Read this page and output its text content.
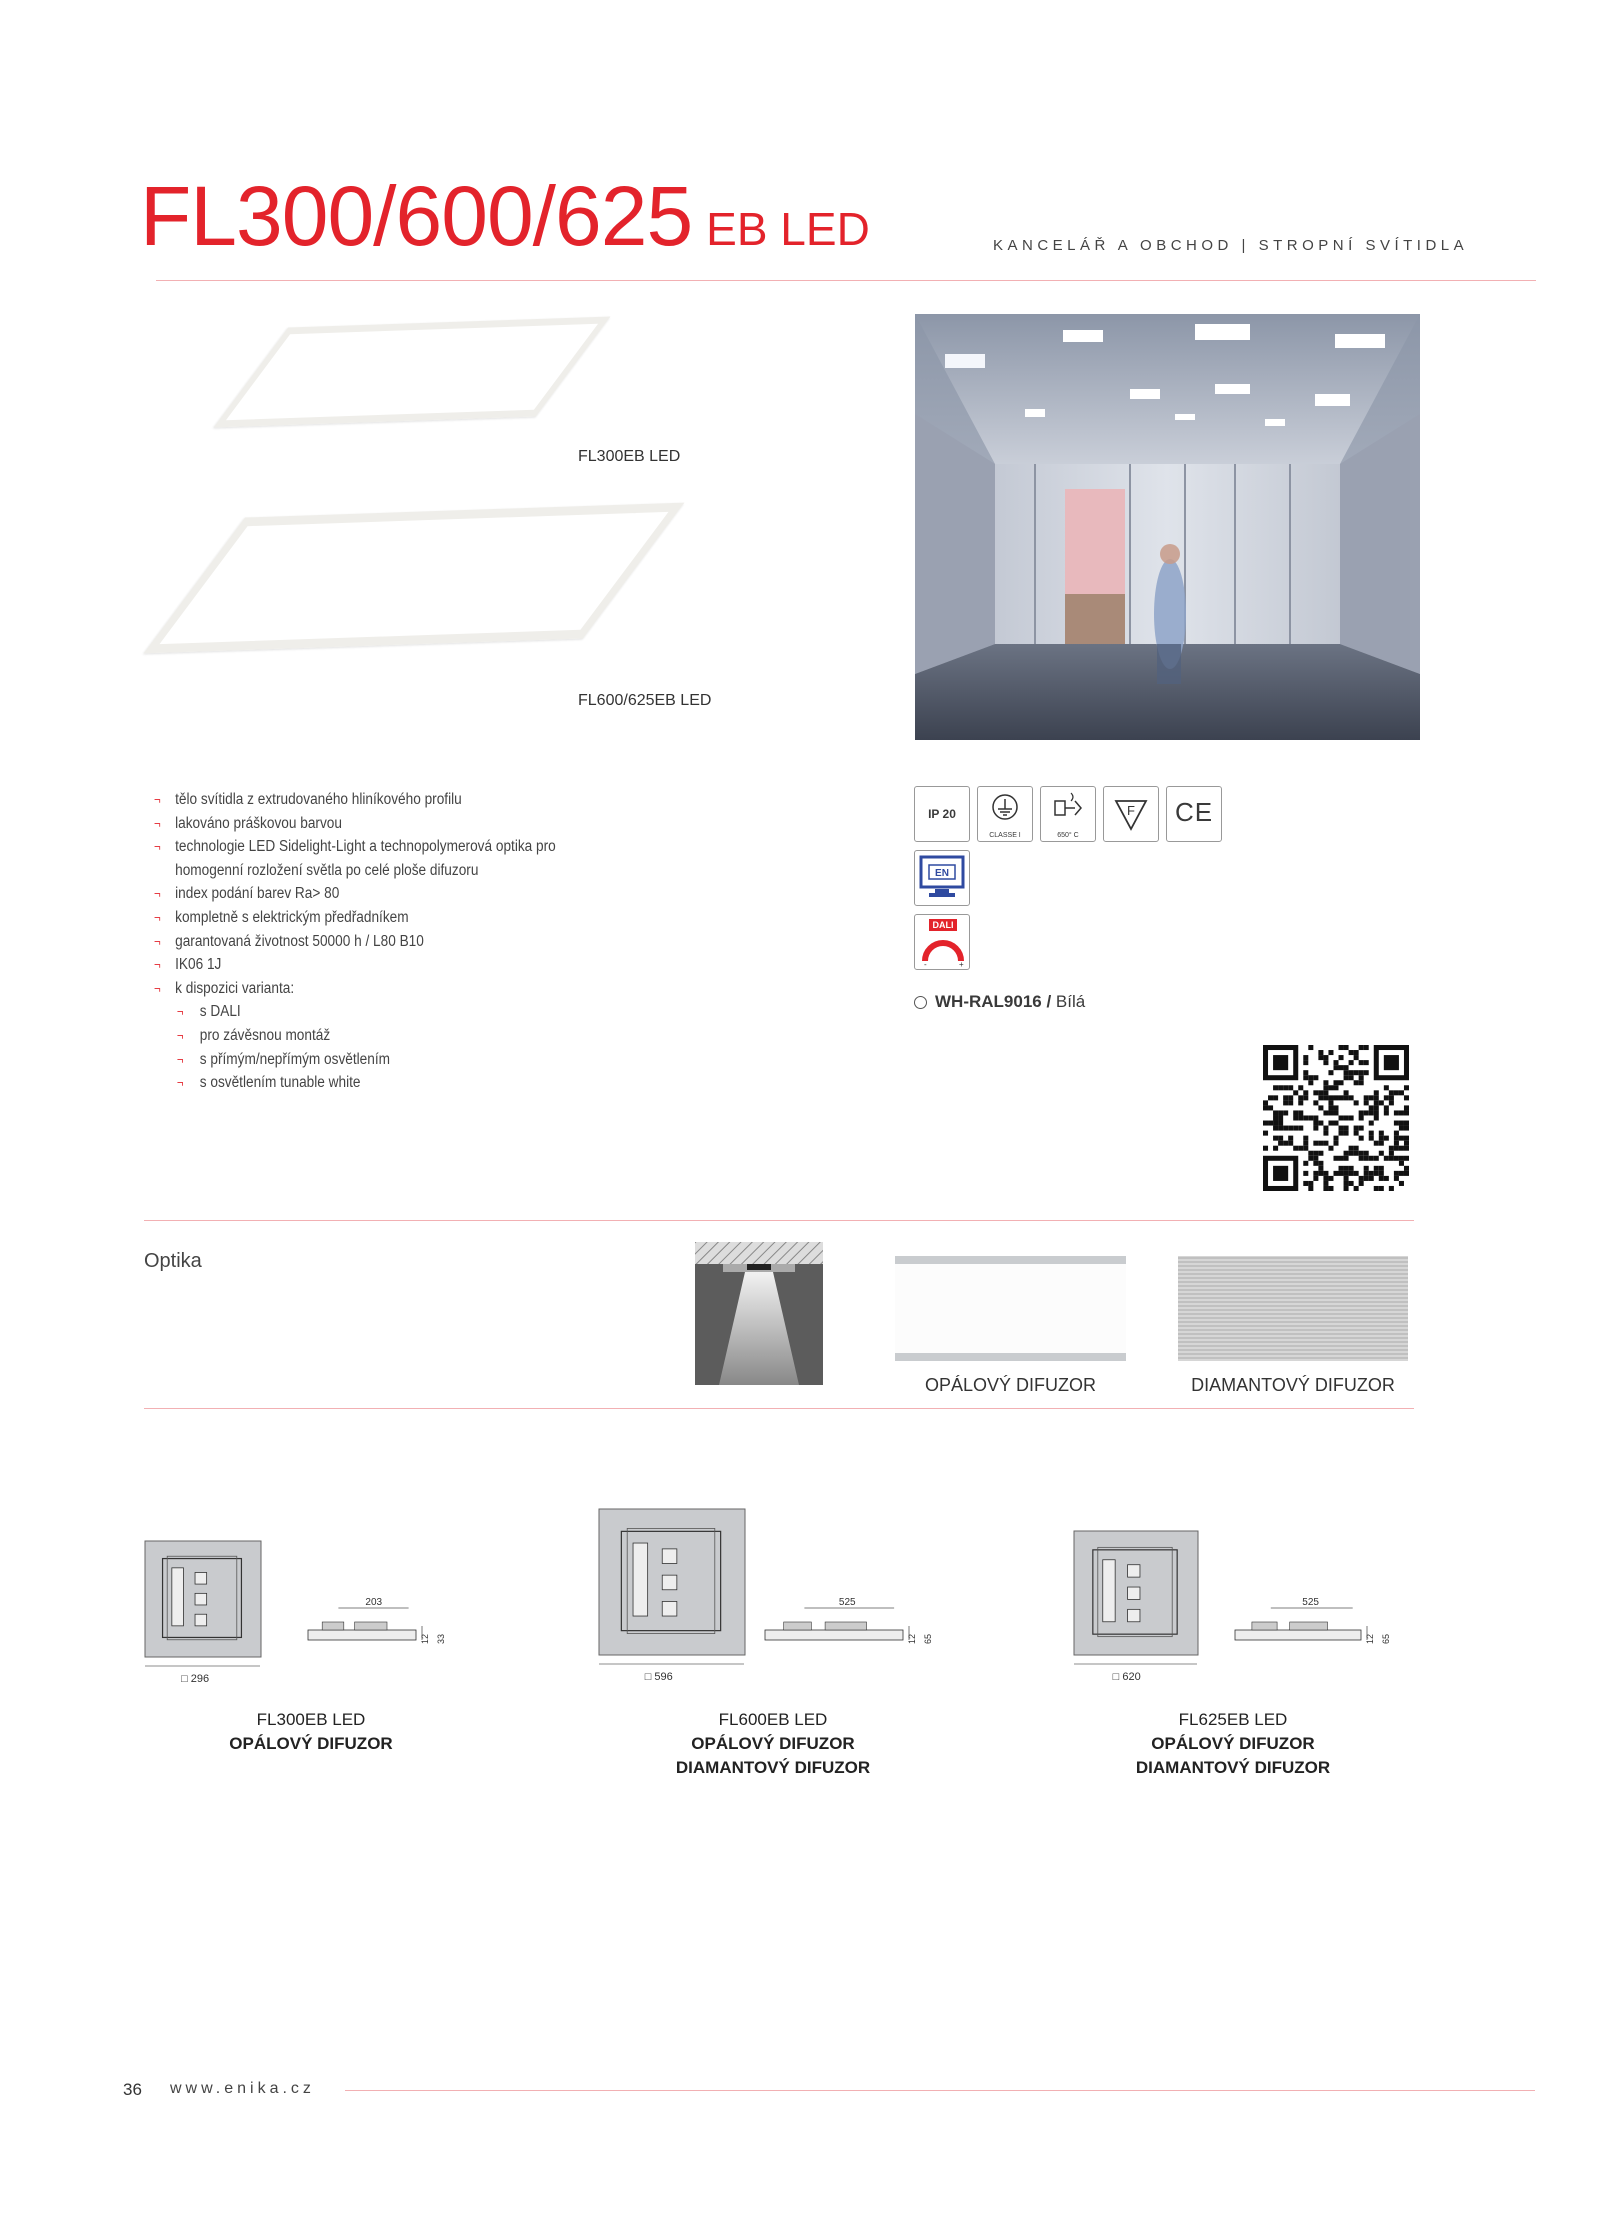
FL300/600/625 EB LED	KANCELÁŘ A OBCHOD | STROPNÍ SVÍTIDLA
FL300EB LED
FL600/625EB LED
¬ tělo svítidla z extrudovaného hliníkového profilu
¬ lakováno práškovou barvou
¬ technologie LED Sidelight-Light a technopolymerová optika pro
homogenní rozložení světla po celé ploše difuzoru
¬ index podání barev Ra> 80
¬ kompletně s elektrickým předřadníkem
¬ garantovaná životnost 50000 h / L80 B10
¬ IK06 1J
¬ k dispozici varianta:
¬ s DALI
¬ pro závěsnou montáž
¬ s přímým/nepřímým osvětlením
¬ s osvětlením tunable white
IP 20
CLASSE I	650° C
F	CE
EN
DALI
-	+
WH-RAL9016 / Bílá
Optika
OPÁLOVÝ DIFUZOR	DIAMANTOVÝ DIFUZOR
□ 296
203
12 33
FL300EB LED
OPÁLOVÝ DIFUZOR
□ 596
525
12 65
FL600EB LED
OPÁLOVÝ DIFUZOR
DIAMANTOVÝ DIFUZOR
□ 620
525
12 65
FL625EB LED
OPÁLOVÝ DIFUZOR
DIAMANTOVÝ DIFUZOR
36 www.enika.cz
